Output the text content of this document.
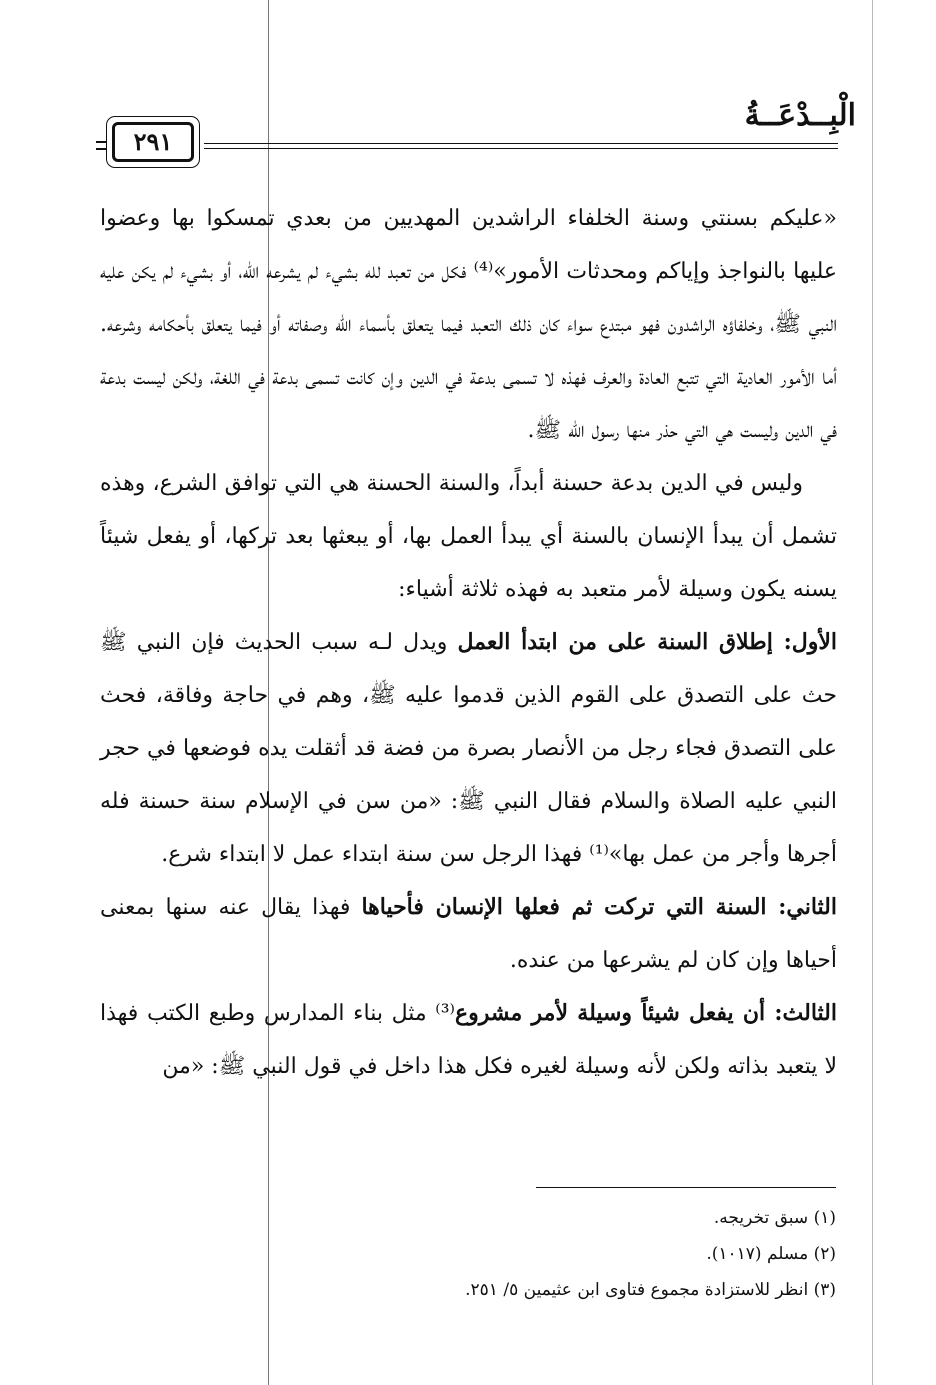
الْبِــدْعَــةُ
٢٩١

«عليكم بسنتي وسنة الخلفاء الراشدين المهديين من بعدي تمسكوا بها وعضوا عليها بالنواجذ وإياكم ومحدثات الأمور»⁽⁴⁾ فكل من تعبد لله بشيء لم يشرعه الله، أو بشيء لم يكن عليه النبي ﷺ، وخلفاؤه الراشدون فهو مبتدع سواء كان ذلك التعبد فيما يتعلق بأسماء الله وصفاته أو فيما يتعلق بأحكامه وشرعه. أما الأمور العادية التي تتبع العادة والعرف فهذه لا تسمى بدعة في الدين وإن كانت تسمى بدعة في اللغة، ولكن ليست بدعة في الدين وليست هي التي حذر منها رسول الله ﷺ.

وليس في الدين بدعة حسنة أبداً، والسنة الحسنة هي التي توافق الشرع، وهذه تشمل أن يبدأ الإنسان بالسنة أي يبدأ العمل بها، أو يبعثها بعد تركها، أو يفعل شيئاً يسنه يكون وسيلة لأمر متعبد به فهذه ثلاثة أشياء:

الأول: إطلاق السنة على من ابتدأ العمل ويدل لـه سبب الحديث فإن النبي ﷺ حث على التصدق على القوم الذين قدموا عليه ﷺ، وهم في حاجة وفاقة، فحث على التصدق فجاء رجل من الأنصار بصرة من فضة قد أثقلت يده فوضعها في حجر النبي عليه الصلاة والسلام فقال النبي ﷺ: «من سن في الإسلام سنة حسنة فله أجرها وأجر من عمل بها»⁽¹⁾ فهذا الرجل سن سنة ابتداء عمل لا ابتداء شرع.

الثاني: السنة التي تركت ثم فعلها الإنسان فأحياها فهذا يقال عنه سنها بمعنى أحياها وإن كان لم يشرعها من عنده.

الثالث: أن يفعل شيئاً وسيلة لأمر مشروع⁽³⁾ مثل بناء المدارس وطبع الكتب فهذا لا يتعبد بذاته ولكن لأنه وسيلة لغيره فكل هذا داخل في قول النبي ﷺ: «من

(١) سبق تخريجه.
(٢) مسلم (١٠١٧).
(٣) انظر للاستزادة مجموع فتاوى ابن عثيمين ٥/ ٢٥١.
